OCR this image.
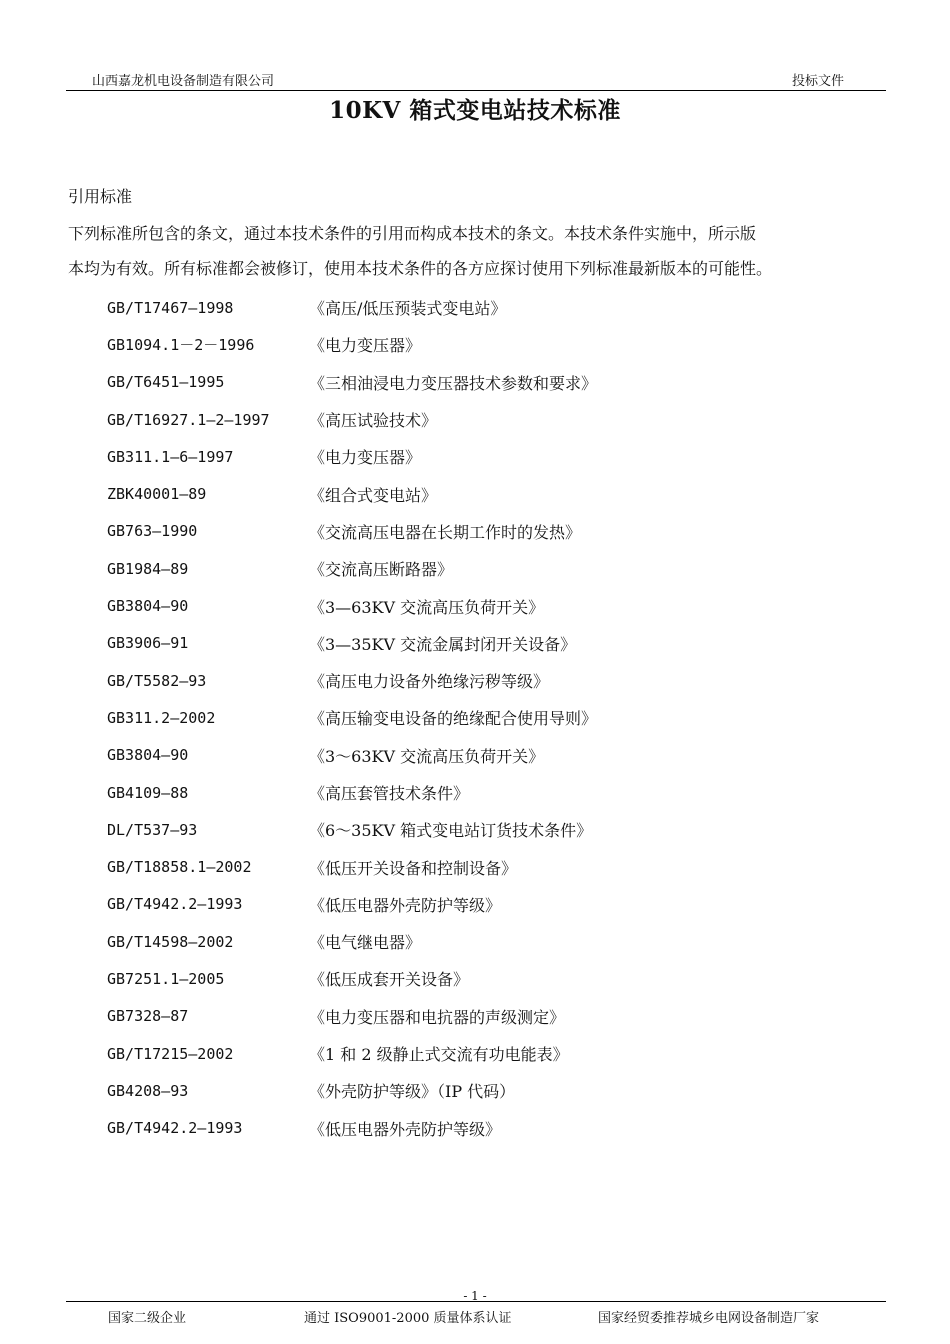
山西嘉龙机电设备制造有限公司	投标文件
10KV 箱式变电站技术标准
引用标准

下列标准所包含的条文，通过本技术条件的引用而构成本技术的条文。本技术条件实施中，所示版

本均为有效。所有标准都会被修订，使用本技术条件的各方应探讨使用下列标准最新版本的可能性。

GB/T17467—1998	《高压/低压预装式变电站》
GB1094.1－2－1996	《电力变压器》
GB/T6451—1995	《三相油浸电力变压器技术参数和要求》
GB/T16927.1—2—1997	《高压试验技术》
GB311.1—6—1997	《电力变压器》
ZBK40001—89	《组合式变电站》
GB763—1990	《交流高压电器在长期工作时的发热》
GB1984—89	《交流高压断路器》
GB3804—90	《3—63KV 交流高压负荷开关》
GB3906—91	《3—35KV 交流金属封闭开关设备》
GB/T5582—93	《高压电力设备外绝缘污秽等级》
GB311.2—2002	《高压输变电设备的绝缘配合使用导则》
GB3804—90	《3～63KV 交流高压负荷开关》
GB4109—88	《高压套管技术条件》
DL/T537—93	《6～35KV 箱式变电站订货技术条件》
GB/T18858.1—2002	《低压开关设备和控制设备》
GB/T4942.2—1993	《低压电器外壳防护等级》
GB/T14598—2002	《电气继电器》
GB7251.1—2005	《低压成套开关设备》
GB7328—87	《电力变压器和电抗器的声级测定》
GB/T17215—2002	《1 和 2 级静止式交流有功电能表》
GB4208—93	《外壳防护等级》（IP 代码）
GB/T4942.2—1993	《低压电器外壳防护等级》
- 1 -
国家二级企业	通过 ISO9001-2000 质量体系认证	国家经贸委推荐城乡电网设备制造厂家
